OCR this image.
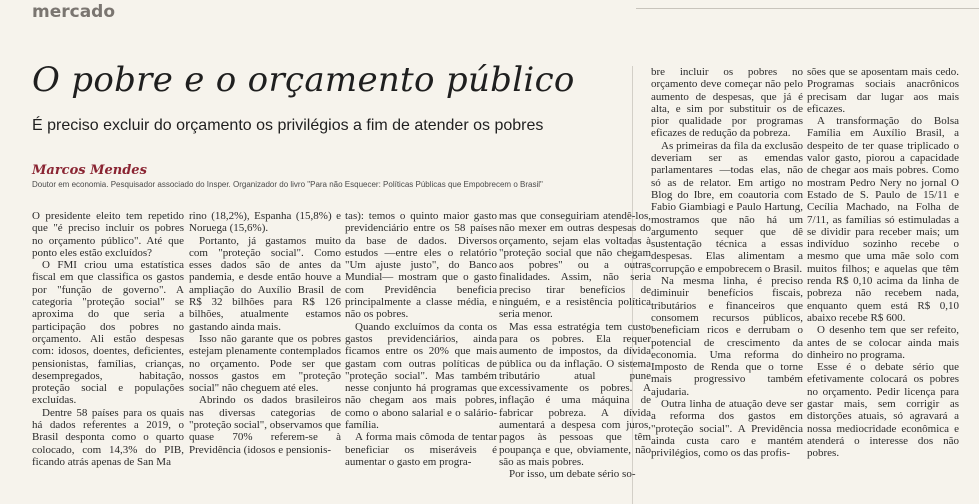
mercado
O pobre e o orçamento público
É preciso excluir do orçamento os privilégios a fim de atender os pobres
Marcos Mendes
Doutor em economia. Pesquisador associado do Insper. Organizador do livro "Para não Esquecer: Políticas Públicas que Empobrecem o Brasil"

O presidente eleito tem repetido que "é preciso incluir os pobres no orçamento público". Até que ponto eles estão excluídos?

O FMI criou uma estatística fiscal em que classifica os gastos por "função de governo". A categoria "proteção social" se aproxima do que seria a participação dos pobres no orçamento. Ali estão despesas com: idosos, doentes, deficientes, pensionistas, famílias, crianças, desempregados, habitação, proteção social e populações excluídas.

Dentre 58 países para os quais há dados referentes a 2019, o Brasil desponta como o quarto colocado, com 14,3% do PIB, ficando atrás apenas de San Ma

rino (18,2%), Espanha (15,8%) e Noruega (15,6%).

Portanto, já gastamos muito com "proteção social". Como esses dados são de antes da pandemia, e desde então houve a ampliação do Auxílio Brasil de R$ 32 bilhões para R$ 126 bilhões, atualmente estamos gastando ainda mais.

Isso não garante que os pobres estejam plenamente contemplados no orçamento. Pode ser que nossos gastos em "proteção social" não cheguem até eles.

Abrindo os dados brasileiros nas diversas categorias de "proteção social", observamos que quase 70% referem-se à Previdência (idosos e pensionis-

tas): temos o quinto maior gasto previdenciário entre os 58 países da base de dados. Diversos estudos —entre eles o relatório "Um ajuste justo", do Banco Mundial— mostram que o gasto com Previdência beneficia principalmente a classe média, e não os pobres.

Quando excluímos da conta os gastos previdenciários, ainda ficamos entre os 20% que mais gastam com outras políticas de "proteção social". Mas também nesse conjunto há programas que não chegam aos mais pobres, como o abono salarial e o salário-família.

A forma mais cômoda de tentar beneficiar os miseráveis é aumentar o gasto em progra-

mas que conseguiriam atendê-los, não mexer em outras despesas do orçamento, sejam elas voltadas à "proteção social que não chegam aos pobres" ou a outras finalidades. Assim, não seria preciso tirar benefícios de ninguém, e a resistência política seria menor.

Mas essa estratégia tem custo para os pobres. Ela requer aumento de impostos, da dívida pública ou da inflação. O sistema tributário atual pune excessivamente os pobres. A inflação é uma máquina de fabricar pobreza. A dívida aumentará a despesa com juros, pagos às pessoas que têm poupança e que, obviamente, não são as mais pobres.

Por isso, um debate sério so-

bre incluir os pobres no orçamento deve começar não pelo aumento de despesas, que já é alta, e sim por substituir os de pior qualidade por programas eficazes de redução da pobreza.

As primeiras da fila da exclusão deveriam ser as emendas parlamentares —todas elas, não só as de relator. Em artigo no Blog do Ibre, em coautoria com Fabio Giambiagi e Paulo Hartung, mostramos que não há um argumento sequer que dê sustentação técnica a essas despesas. Elas alimentam a corrupção e empobrecem o Brasil.

Na mesma linha, é preciso diminuir benefícios fiscais, tributários e financeiros que consomem recursos públicos, beneficiam ricos e derrubam o potencial de crescimento da economia. Uma reforma do Imposto de Renda que o torne mais progressivo também ajudaria.

Outra linha de atuação deve ser a reforma dos gastos em "proteção social". A Previdência ainda custa caro e mantém privilégios, como os das profis-

sões que se aposentam mais cedo. Programas sociais anacrônicos precisam dar lugar aos mais eficazes.

A transformação do Bolsa Família em Auxílio Brasil, a despeito de ter quase triplicado o valor gasto, piorou a capacidade de chegar aos mais pobres. Como mostram Pedro Nery no jornal O Estado de S. Paulo de 15/11 e Cecília Machado, na Folha de 7/11, as famílias só estimuladas a se dividir para receber mais; um indivíduo sozinho recebe o mesmo que uma mãe solo com muitos filhos; e aquelas que têm renda R$ 0,10 acima da linha de pobreza não recebem nada, enquanto quem está R$ 0,10 abaixo recebe R$ 600.

O desenho tem que ser refeito, antes de se colocar ainda mais dinheiro no programa.

Esse é o debate sério que efetivamente colocará os pobres no orçamento. Pedir licença para gastar mais, sem corrigir as distorções atuais, só agravará a nossa mediocridade econômica e atenderá o interesse dos não pobres.
